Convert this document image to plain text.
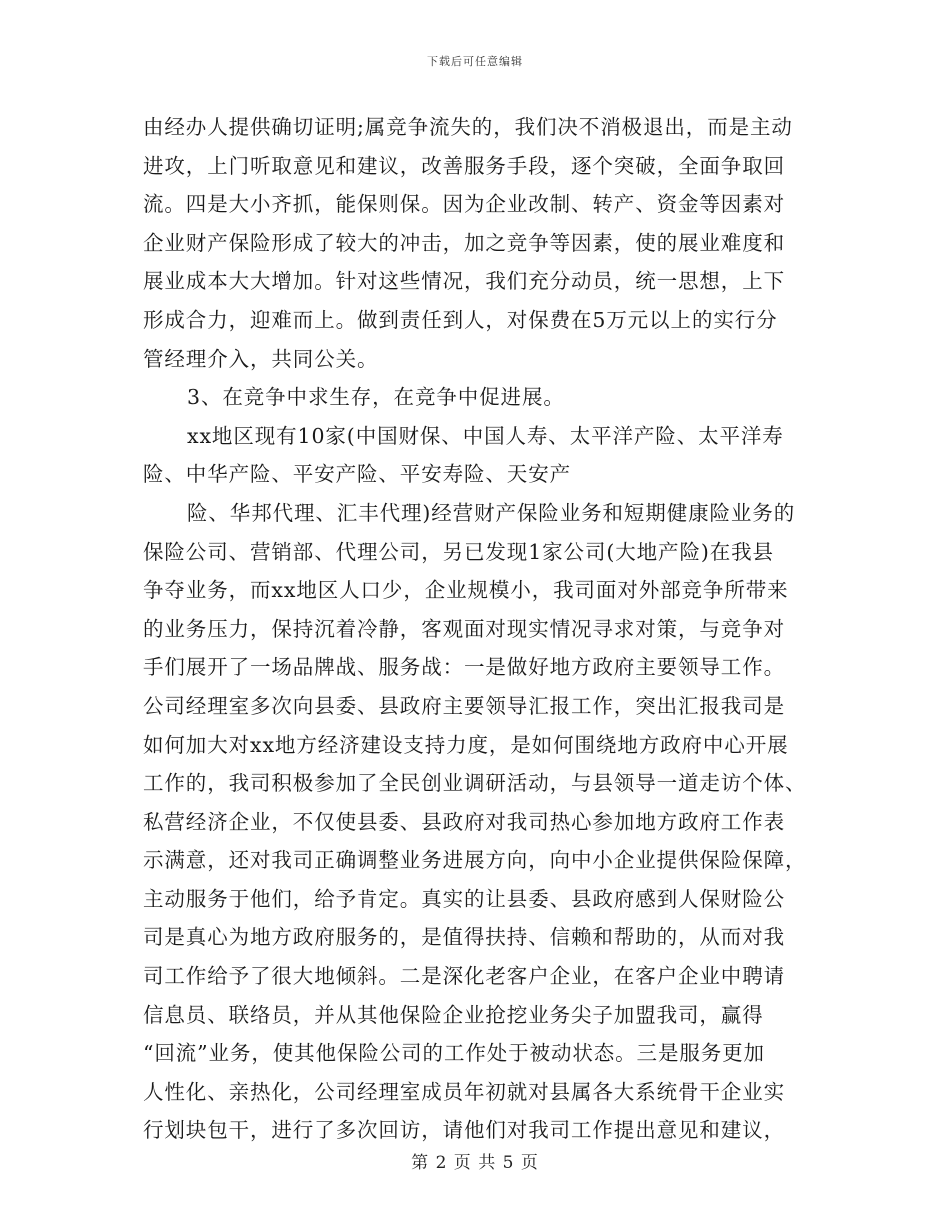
下载后可任意编辑
由经办人提供确切证明;属竞争流失的，我们决不消极退出，而是主动
进攻，上门听取意见和建议，改善服务手段，逐个突破，全面争取回
流。四是大小齐抓，能保则保。因为企业改制、转产、资金等因素对
企业财产保险形成了较大的冲击，加之竞争等因素，使的展业难度和
展业成本大大增加。针对这些情况，我们充分动员，统一思想，上下
形成合力，迎难而上。做到责任到人，对保费在5万元以上的实行分
管经理介入，共同公关。
3、在竞争中求生存，在竞争中促进展。
xx地区现有10家(中国财保、中国人寿、太平洋产险、太平洋寿
险、中华产险、平安产险、平安寿险、天安产
险、华邦代理、汇丰代理)经营财产保险业务和短期健康险业务的
保险公司、营销部、代理公司，另已发现1家公司(大地产险)在我县
争夺业务，而xx地区人口少，企业规模小，我司面对外部竞争所带来
的业务压力，保持沉着冷静，客观面对现实情况寻求对策，与竞争对
手们展开了一场品牌战、服务战：一是做好地方政府主要领导工作。
公司经理室多次向县委、县政府主要领导汇报工作，突出汇报我司是
如何加大对xx地方经济建设支持力度，是如何围绕地方政府中心开展
工作的，我司积极参加了全民创业调研活动，与县领导一道走访个体、
私营经济企业，不仅使县委、县政府对我司热心参加地方政府工作表
示满意，还对我司正确调整业务进展方向，向中小企业提供保险保障，
主动服务于他们，给予肯定。真实的让县委、县政府感到人保财险公
司是真心为地方政府服务的，是值得扶持、信赖和帮助的，从而对我
司工作给予了很大地倾斜。二是深化老客户企业，在客户企业中聘请
信息员、联络员，并从其他保险企业抢挖业务尖子加盟我司，赢得
“回流”业务，使其他保险公司的工作处于被动状态。三是服务更加
人性化、亲热化，公司经理室成员年初就对县属各大系统骨干企业实
行划块包干，进行了多次回访，请他们对我司工作提出意见和建议，
第 2 页 共 5 页
